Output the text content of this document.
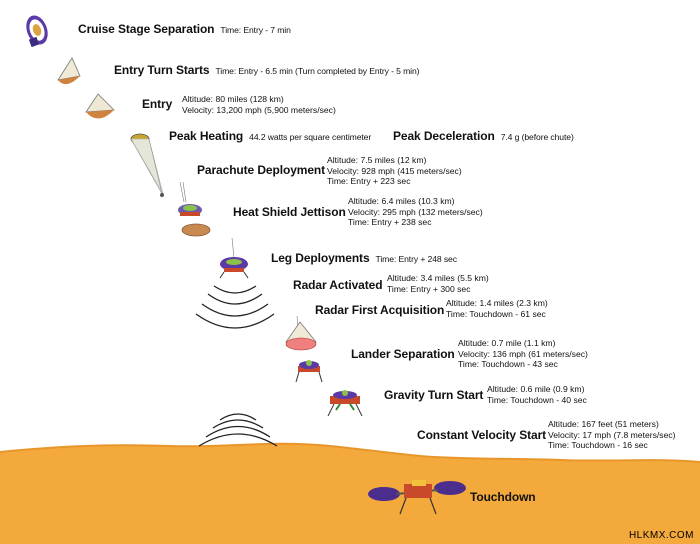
Cruise Stage Separation Time: Entry - 7 min
Entry Turn Starts Time: Entry - 6.5 min (Turn completed by Entry - 5 min)
Entry Altitude: 80 miles (128 km)
Velocity: 13,200 mph (5,900 meters/sec)
Peak Heating 44.2 watts per square centimeter Peak Deceleration 7.4 g (before chute)
Parachute Deployment
Altitude: 7.5 miles (12 km)
Velocity: 928 mph (415 meters/sec)
Time: Entry + 223 sec
Heat Shield Jettison
Altitude: 6.4 miles (10.3 km)
Velocity: 295 mph (132 meters/sec)
Time: Entry + 238 sec
Leg Deployments Time: Entry + 248 sec
Radar Activated Altitude: 3.4 miles (5.5 km)
Time: Entry + 300 sec
Radar First Acquisition Altitude: 1.4 miles (2.3 km)
Time: Touchdown - 61 sec
Lander Separation
Altitude: 0.7 mile (1.1 km)
Velocity: 136 mph (61 meters/sec)
Time: Touchdown - 43 sec
Gravity Turn Start Altitude: 0.6 mile (0.9 km)
Time: Touchdown - 40 sec
Constant Velocity Start
Altitude: 167 feet (51 meters)
Velocity: 17 mph (7.8 meters/sec)
Time: Touchdown - 16 sec
Touchdown
HLKMX.COM
